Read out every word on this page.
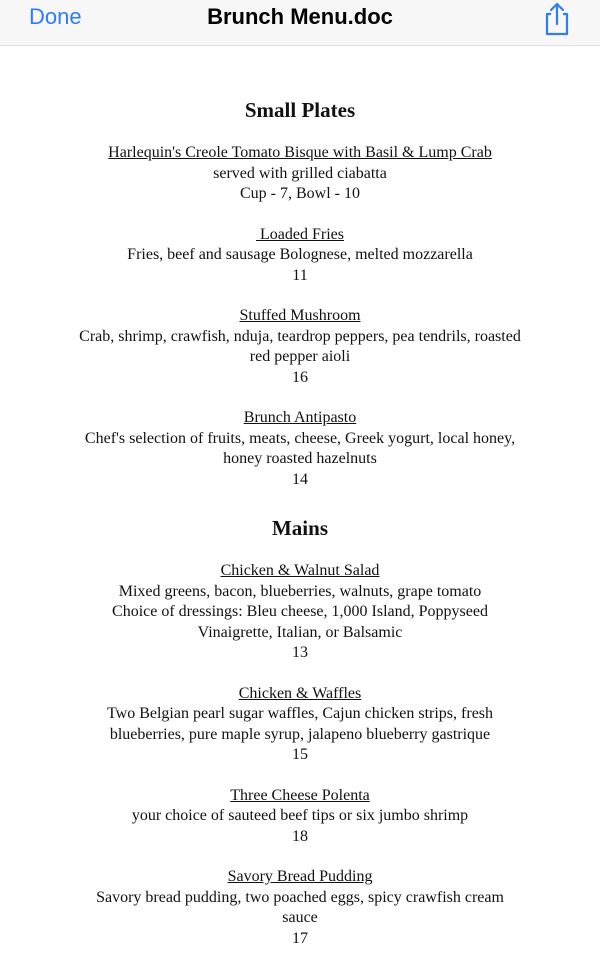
Done	Brunch Menu.doc
Small Plates
Harlequin's Creole Tomato Bisque with Basil & Lump Crab
served with grilled ciabatta
Cup - 7, Bowl - 10
Loaded Fries
Fries, beef and sausage Bolognese, melted mozzarella
11
Stuffed Mushroom
Crab, shrimp, crawfish, nduja, teardrop peppers, pea tendrils, roasted
red pepper aioli
16
Brunch Antipasto
Chef's selection of fruits, meats, cheese, Greek yogurt, local honey,
honey roasted hazelnuts
14
Mains
Chicken & Walnut Salad
Mixed greens, bacon, blueberries, walnuts, grape tomato
Choice of dressings: Bleu cheese, 1,000 Island, Poppyseed
Vinaigrette, Italian, or Balsamic
13
Chicken & Waffles
Two Belgian pearl sugar waffles, Cajun chicken strips, fresh
blueberries, pure maple syrup, jalapeno blueberry gastrique
15
Three Cheese Polenta
your choice of sauteed beef tips or six jumbo shrimp
18
Savory Bread Pudding
Savory bread pudding, two poached eggs, spicy crawfish cream
sauce
17
